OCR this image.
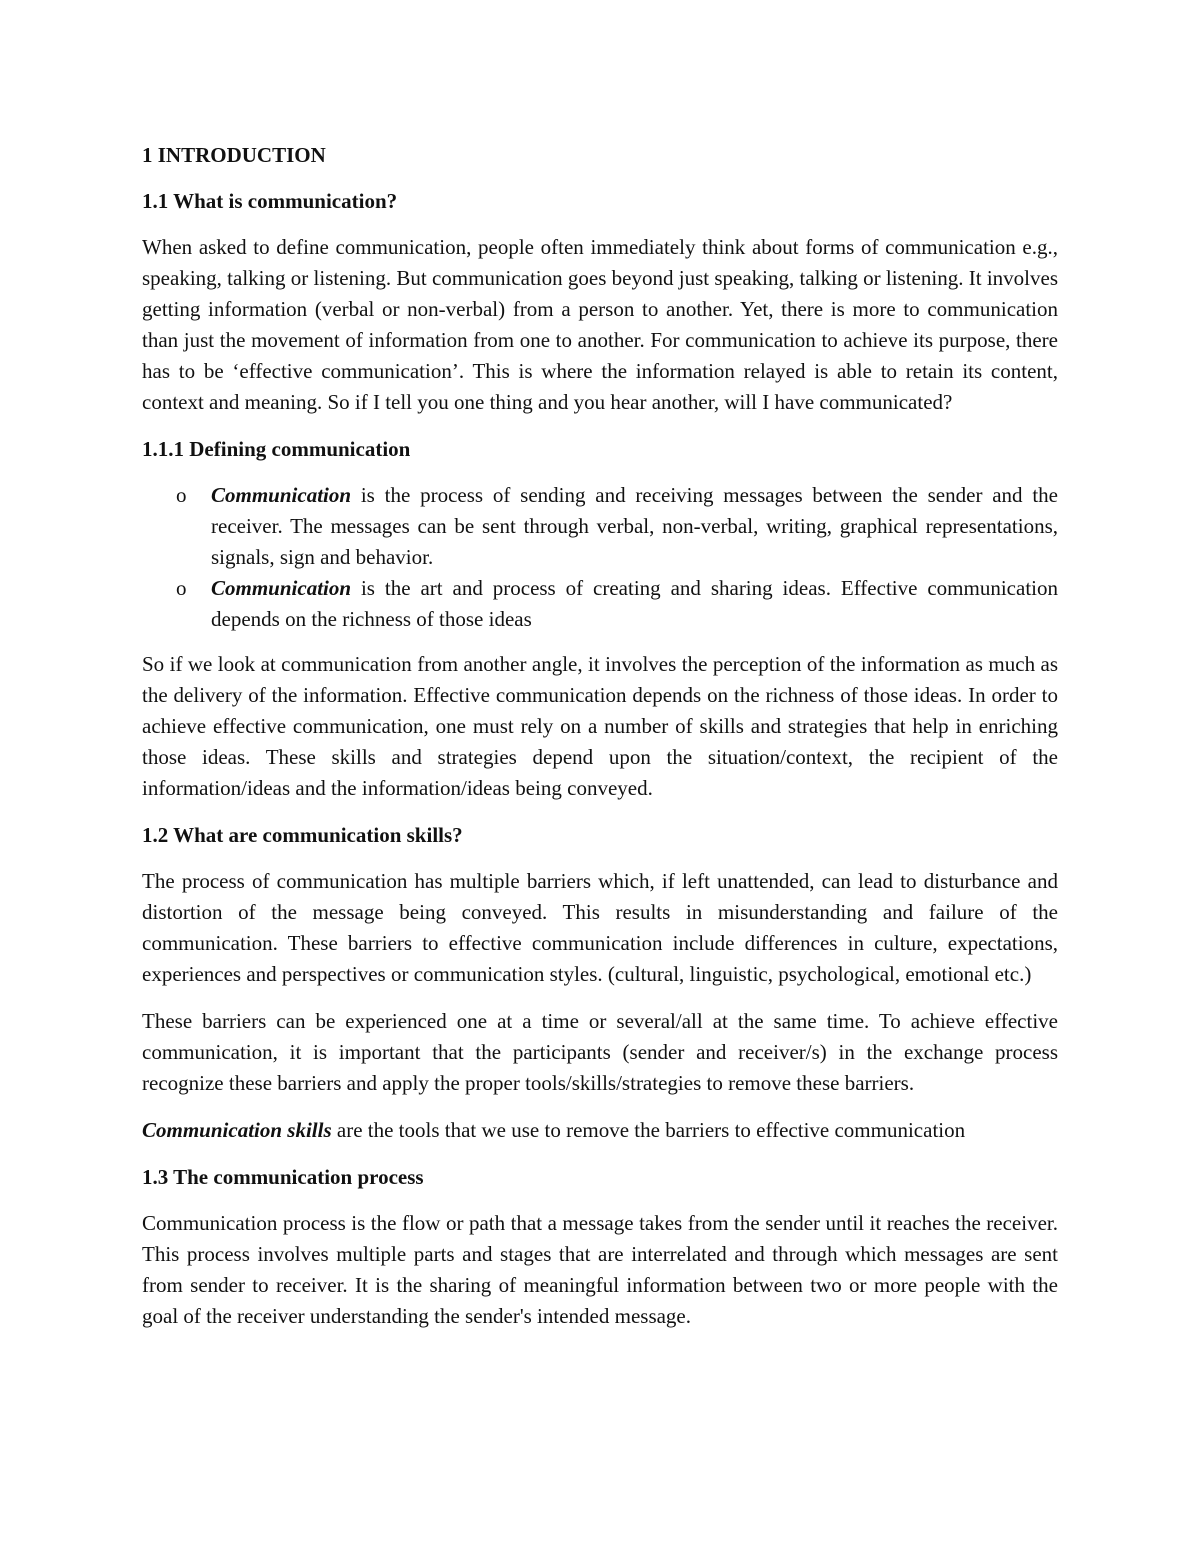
1 INTRODUCTION

1.1 What is communication?

When asked to define communication, people often immediately think about forms of communication e.g., speaking, talking or listening. But communication goes beyond just speaking, talking or listening. It involves getting information (verbal or non-verbal) from a person to another. Yet, there is more to communication than just the movement of information from one to another. For communication to achieve its purpose, there has to be ‘effective communication’. This is where the information relayed is able to retain its content, context and meaning. So if I tell you one thing and you hear another, will I have communicated?

1.1.1 Defining communication

o Communication is the process of sending and receiving messages between the sender and the receiver. The messages can be sent through verbal, non-verbal, writing, graphical representations, signals, sign and behavior.
o Communication is the art and process of creating and sharing ideas. Effective communication depends on the richness of those ideas

So if we look at communication from another angle, it involves the perception of the information as much as the delivery of the information. Effective communication depends on the richness of those ideas. In order to achieve effective communication, one must rely on a number of skills and strategies that help in enriching those ideas. These skills and strategies depend upon the situation/context, the recipient of the information/ideas and the information/ideas being conveyed.

1.2 What are communication skills?

The process of communication has multiple barriers which, if left unattended, can lead to disturbance and distortion of the message being conveyed. This results in misunderstanding and failure of the communication. These barriers to effective communication include differences in culture, expectations, experiences and perspectives or communication styles. (cultural, linguistic, psychological, emotional etc.)

These barriers can be experienced one at a time or several/all at the same time. To achieve effective communication, it is important that the participants (sender and receiver/s) in the exchange process recognize these barriers and apply the proper tools/skills/strategies to remove these barriers.

Communication skills are the tools that we use to remove the barriers to effective communication

1.3 The communication process

Communication process is the flow or path that a message takes from the sender until it reaches the receiver. This process involves multiple parts and stages that are interrelated and through which messages are sent from sender to receiver. It is the sharing of meaningful information between two or more people with the goal of the receiver understanding the sender's intended message.
